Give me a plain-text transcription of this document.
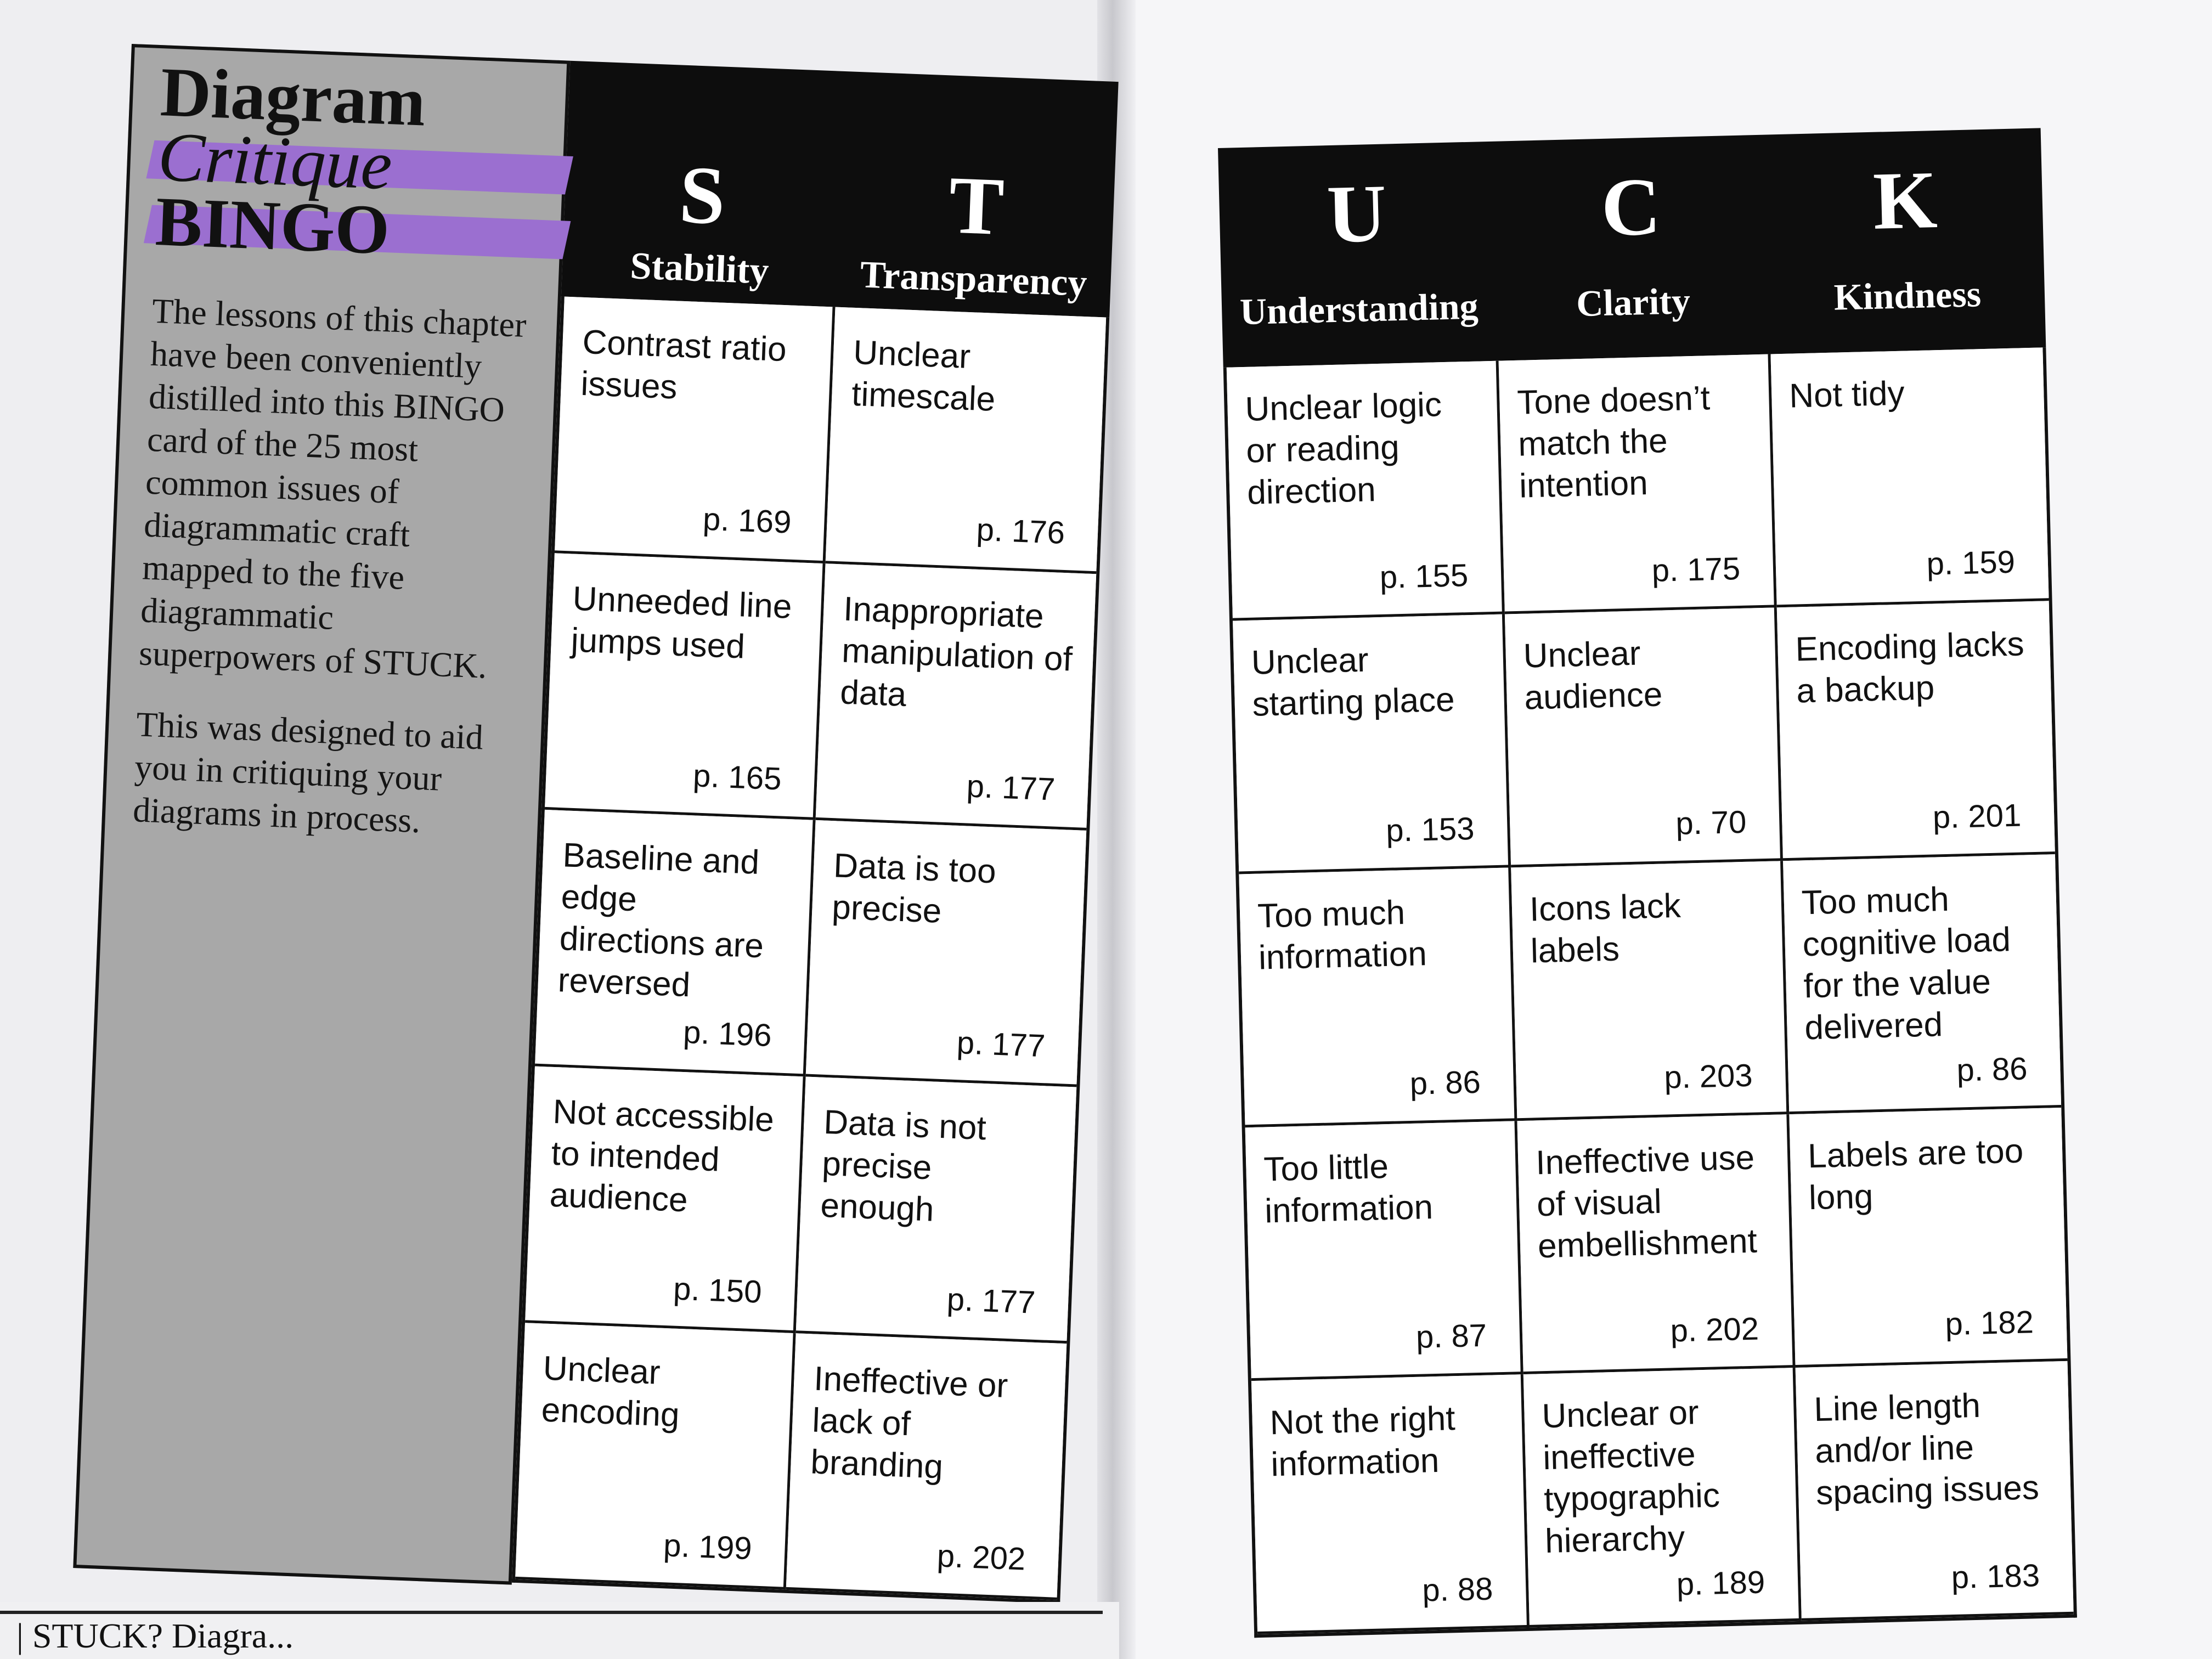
Diagram
Critique
BINGO

The lessons of this chapter have been conveniently distilled into this BINGO card of the 25 most common issues of diagrammatic craft mapped to the five diagrammatic superpowers of STUCK.

This was designed to aid you in critiquing your diagrams in process.

S
Stability
T
Transparency
Contrast ratio issues
p. 169
Unclear timescale
p. 176
Unneeded line jumps used
p. 165
Inappropriate manipulation of data
p. 177
Baseline and edge directions are reversed
p. 196
Data is too precise
p. 177
Not accessible to intended audience
p. 150
Data is not precise enough
p. 177
Unclear encoding
p. 199
Ineffective or lack of branding
p. 202
U
Understanding
C
Clarity
K
Kindness
Unclear logic or reading direction
p. 155
Tone doesn’t match the intention
p. 175
Not tidy
p. 159
Unclear starting place
p. 153
Unclear audience
p. 70
Encoding lacks a backup
p. 201
Too much information
p. 86
Icons lack labels
p. 203
Too much cognitive load for the value delivered
p. 86
Too little information
p. 87
Ineffective use of visual embellishment
p. 202
Labels are too long
p. 182
Not the right information
p. 88
Unclear or ineffective typographic hierarchy
p. 189
Line length and/or line spacing issues
p. 183
| STUCK? Diagra...
